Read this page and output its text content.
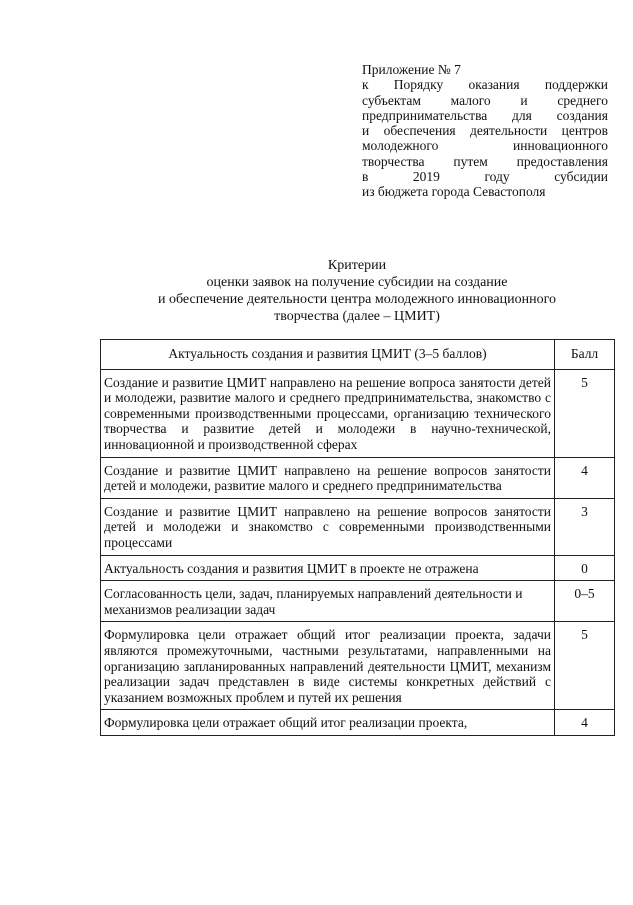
Приложение № 7
к Порядку оказания поддержки
субъектам малого и среднего
предпринимательства для создания
и обеспечения деятельности центров
молодежного	инновационного
творчества путем предоставления
в	2019	году	субсидии
из бюджета города Севастополя
Критерии
оценки заявок на получение субсидии на создание
и обеспечение деятельности центра молодежного инновационного
творчества (далее – ЦМИТ)
Актуальность создания и развития ЦМИТ (3–5 баллов)	Балл
Создание и развитие ЦМИТ направлено на решение вопроса занятости детей и молодежи, развитие малого и среднего предпринимательства, знакомство с современными производственными процессами, организацию технического творчества и развитие детей и молодежи в научно-технической, инновационной и производственной сферах	5
Создание и развитие ЦМИТ направлено на решение вопросов занятости детей и молодежи, развитие малого и среднего предпринимательства	4
Создание и развитие ЦМИТ направлено на решение вопросов занятости детей и молодежи и знакомство с современными производственными процессами	3
Актуальность создания и развития ЦМИТ в проекте не отражена	0
Согласованность цели, задач, планируемых направлений деятельности и механизмов реализации задач	0–5
Формулировка цели отражает общий итог реализации проекта, задачи являются промежуточными, частными результатами, направленными на организацию запланированных направлений деятельности ЦМИТ, механизм реализации задач представлен в виде системы конкретных действий с указанием возможных проблем и путей их решения	5
Формулировка цели отражает общий итог реализации проекта,	4
